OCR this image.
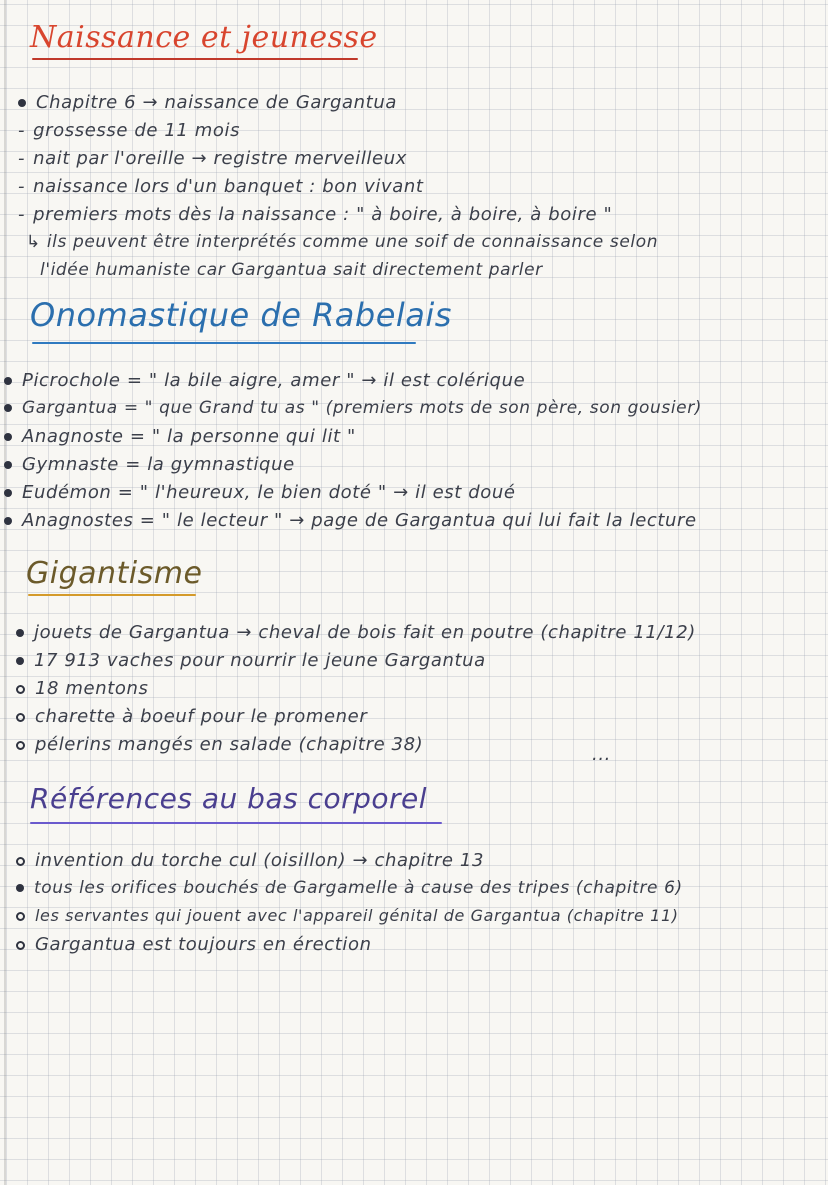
Naissance et jeunesse
Chapitre 6 → naissance de Gargantua
- grossesse de 11 mois
- nait par l'oreille → registre merveilleux
- naissance lors d'un banquet : bon vivant
- premiers mots dès la naissance : " à boire, à boire, à boire "
↳ ils peuvent être interprétés comme une soif de connaissance selon
l'idée humaniste car Gargantua sait directement parler
Onomastique de Rabelais
Picrochole = " la bile aigre, amer " → il est colérique
Gargantua = " que Grand tu as " (premiers mots de son père, son gousier)
Anagnoste = " la personne qui lit "
Gymnaste = la gymnastique
Eudémon = " l'heureux, le bien doté " → il est doué
Anagnostes = " le lecteur " → page de Gargantua qui lui fait la lecture
Gigantisme
jouets de Gargantua → cheval de bois fait en poutre (chapitre 11/12)
17 913 vaches pour nourrir le jeune Gargantua
18 mentons
charette à boeuf pour le promener
pélerins mangés en salade (chapitre 38)	...
Références au bas corporel
invention du torche cul (oisillon) → chapitre 13
tous les orifices bouchés de Gargamelle à cause des tripes (chapitre 6)
les servantes qui jouent avec l'appareil génital de Gargantua (chapitre 11)
Gargantua est toujours en érection
